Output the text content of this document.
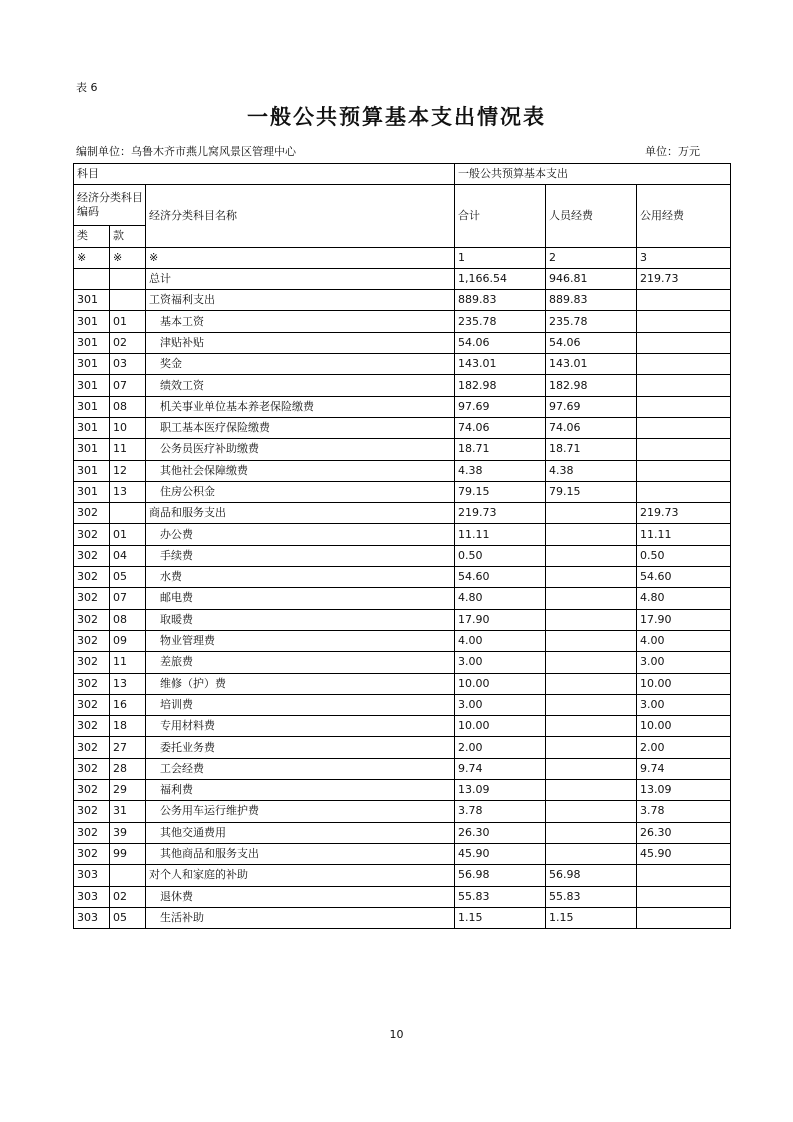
表 6
一般公共预算基本支出情况表
编制单位：乌鲁木齐市燕儿窝风景区管理中心	单位：万元
科目			一般公共预算基本支出		
经济分类科目编码		经济分类科目名称	合计	人员经费	公用经费
类	款				
※	※	※	1	2	3
		总计	1,166.54	946.81	219.73
301		工资福利支出	889.83	889.83	
301	01	基本工资	235.78	235.78	
301	02	津贴补贴	54.06	54.06	
301	03	奖金	143.01	143.01	
301	07	绩效工资	182.98	182.98	
301	08	机关事业单位基本养老保险缴费	97.69	97.69	
301	10	职工基本医疗保险缴费	74.06	74.06	
301	11	公务员医疗补助缴费	18.71	18.71	
301	12	其他社会保障缴费	4.38	4.38	
301	13	住房公积金	79.15	79.15	
302		商品和服务支出	219.73		219.73
302	01	办公费	11.11		11.11
302	04	手续费	0.50		0.50
302	05	水费	54.60		54.60
302	07	邮电费	4.80		4.80
302	08	取暖费	17.90		17.90
302	09	物业管理费	4.00		4.00
302	11	差旅费	3.00		3.00
302	13	维修（护）费	10.00		10.00
302	16	培训费	3.00		3.00
302	18	专用材料费	10.00		10.00
302	27	委托业务费	2.00		2.00
302	28	工会经费	9.74		9.74
302	29	福利费	13.09		13.09
302	31	公务用车运行维护费	3.78		3.78
302	39	其他交通费用	26.30		26.30
302	99	其他商品和服务支出	45.90		45.90
303		对个人和家庭的补助	56.98	56.98	
303	02	退休费	55.83	55.83	
303	05	生活补助	1.15	1.15	
10
